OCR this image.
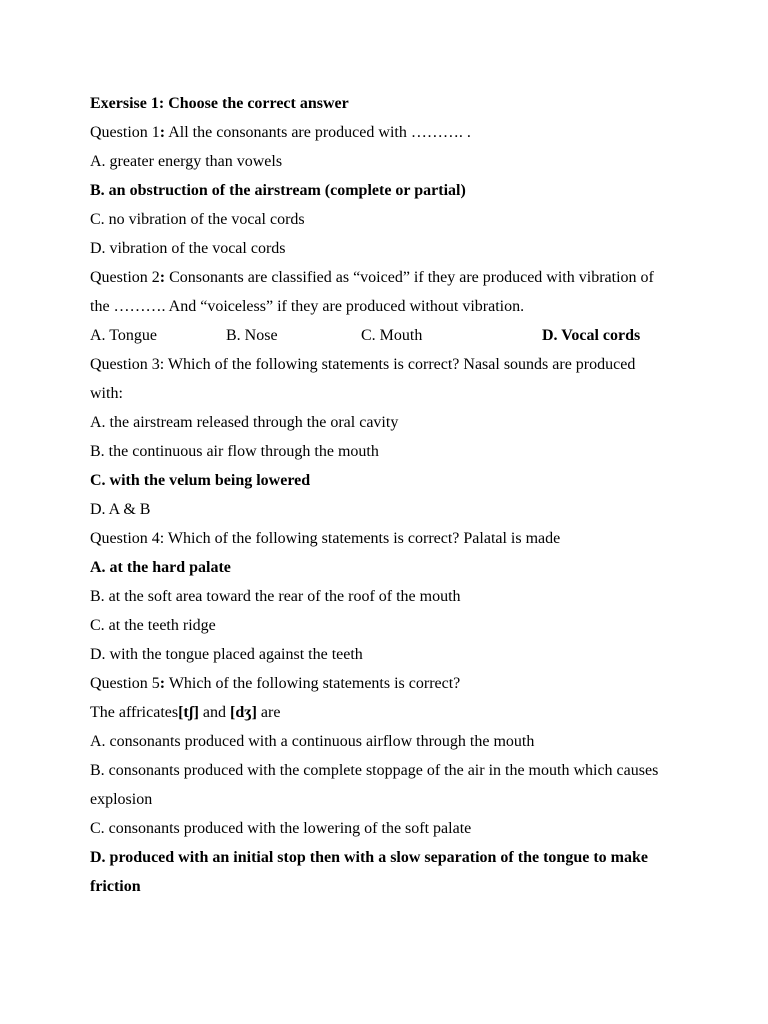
Exersise 1: Choose the correct answer
Question 1: All the consonants are produced with ………. .
A. greater energy than vowels
B. an obstruction of the airstream (complete or partial)
C. no vibration of the vocal cords
D. vibration of the vocal cords
Question 2: Consonants are classified as “voiced” if they are produced with vibration of
the ………. And “voiceless” if they are produced without vibration.
A. Tongue	B. Nose	C. Mouth	D. Vocal cords
Question 3: Which of the following statements is correct? Nasal sounds are produced
with:
A. the airstream released through the oral cavity
B. the continuous air flow through the mouth
C. with the velum being lowered
D. A & B
Question 4: Which of the following statements is correct? Palatal is made
A. at the hard palate
B. at the soft area toward the rear of the roof of the mouth
C. at the teeth ridge
D. with the tongue placed against the teeth
Question 5: Which of the following statements is correct?
The affricates[tʃ] and [dʒ] are
A. consonants produced with a continuous airflow through the mouth
B. consonants produced with the complete stoppage of the air in the mouth which causes
explosion
C. consonants produced with the lowering of the soft palate
D. produced with an initial stop then with a slow separation of the tongue to make
friction
